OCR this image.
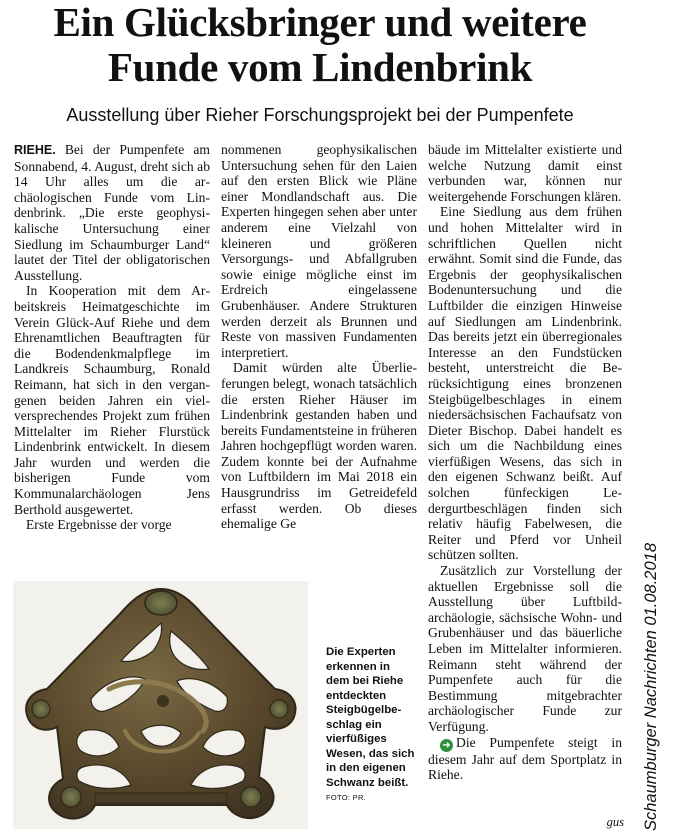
Ein Glücksbringer und weitere
Funde vom Lindenbrink
Ausstellung über Rieher Forschungsprojekt bei der Pumpenfete

RIEHE. Bei der Pumpenfete am Sonnabend, 4. August, dreht sich ab 14 Uhr alles um die archäologischen Funde vom Lindenbrink. „Die erste geophysikalische Untersuchung einer Siedlung im Schaumburger Land“ lautet der Titel der obligatorischen Ausstellung.

In Kooperation mit dem Arbeitskreis Heimatgeschichte im Verein Glück-Auf Riehe und dem Ehrenamtlichen Beauftragten für die Bodendenkmalpflege im Landkreis Schaumburg, Ronald Reimann, hat sich in den vergangenen beiden Jahren ein vielversprechendes Projekt zum frühen Mittelalter im Rieher Flurstück Lindenbrink entwickelt. In diesem Jahr wurden und werden die bisherigen Funde vom Kommunalarchäologen Jens Berthold ausgewertet.

Erste Ergebnisse der vorge

nommenen geophysikalischen Untersuchung sehen für den Laien auf den ersten Blick wie Pläne einer Mondlandschaft aus. Die Experten hingegen sehen aber unter anderem eine Vielzahl von kleineren und größeren Versorgungs- und Abfallgruben sowie einige mögliche einst im Erdreich eingelassene Grubenhäuser. Andere Strukturen werden derzeit als Brunnen und Reste von massiven Fundamenten interpretiert.

Damit würden alte Überlieferungen belegt, wonach tatsächlich die ersten Rieher Häuser im Lindenbrink gestanden haben und bereits Fundamentsteine in früheren Jahren hochgepflügt worden waren. Zudem konnte bei der Aufnahme von Luftbildern im Mai 2018 ein Hausgrundriss im Getreidefeld erfasst werden. Ob dieses ehemalige Ge

bäude im Mittelalter existierte und welche Nutzung damit einst verbunden war, können nur weitergehende Forschungen klären.

Eine Siedlung aus dem frühen und hohen Mittelalter wird in schriftlichen Quellen nicht erwähnt. Somit sind die Funde, das Ergebnis der geophysikalischen Bodenuntersuchung und die Luftbilder die einzigen Hinweise auf Siedlungen am Lindenbrink. Das bereits jetzt ein überregionales Interesse an den Fundstücken besteht, unterstreicht die Berücksichtigung eines bronzenen Steigbügelbeschlages in einem niedersächsischen Fachaufsatz von Dieter Bischop. Dabei handelt es sich um die Nachbildung eines vierfüßigen Wesens, das sich in den eigenen Schwanz beißt. Auf solchen fünfeckigen Ledergurtbeschlägen finden sich relativ häufig Fabelwesen, die Reiter und Pferd vor Unheil schützen sollten.

Zusätzlich zur Vorstellung der aktuellen Ergebnisse soll die Ausstellung über Luftbildarchäologie, sächsische Wohn- und Grubenhäuser und das bäuerliche Leben im Mittelalter informieren. Reimann steht während der Pumpenfete auch für die Bestimmung mitgebrachter archäologischer Funde zur Verfügung.

➜ Die Pumpenfete steigt in diesem Jahr auf dem Sportplatz in Riehe.

Die Experten erkennen in dem bei Riehe entdeckten Steigbügelbeschlag ein vierfüßiges Wesen, das sich in den eigenen Schwanz beißt. FOTO: PR.
gus	Schaumburger Nachrichten 01.08.2018
